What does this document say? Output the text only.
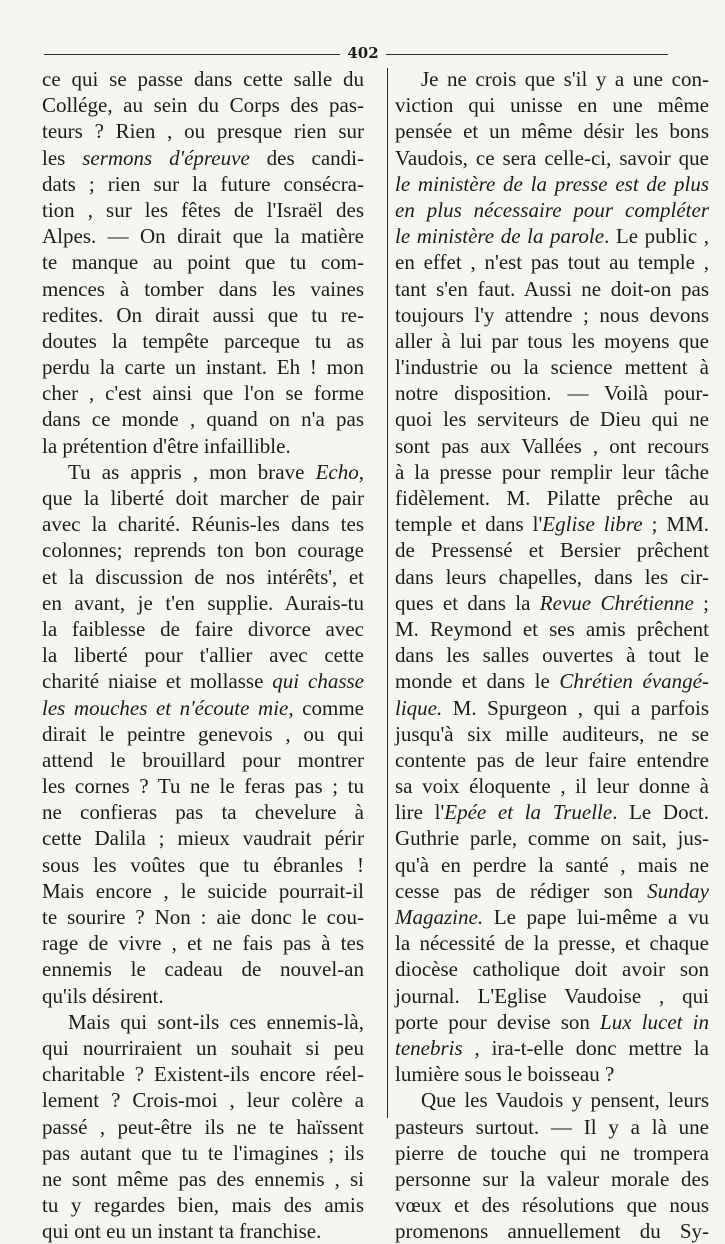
402
ce qui se passe dans cette salle du
Collége, au sein du Corps des pas-
teurs ? Rien , ou presque rien sur
les sermons d'épreuve des candi-
dats ; rien sur la future consécra-
tion , sur les fêtes de l'Israël des
Alpes. — On dirait que la matière
te manque au point que tu com-
mences à tomber dans les vaines
redites. On dirait aussi que tu re-
doutes la tempête parceque tu as
perdu la carte un instant. Eh ! mon
cher , c'est ainsi que l'on se forme
dans ce monde , quand on n'a pas
la prétention d'être infaillible.
Tu as appris , mon brave Echo,
que la liberté doit marcher de pair
avec la charité. Réunis-les dans tes
colonnes; reprends ton bon courage
et la discussion de nos intérêts', et
en avant, je t'en supplie. Aurais-tu
la faiblesse de faire divorce avec
la liberté pour t'allier avec cette
charité niaise et mollasse qui chasse
les mouches et n'écoute mie, comme
dirait le peintre genevois , ou qui
attend le brouillard pour montrer
les cornes ? Tu ne le feras pas ; tu
ne confieras pas ta chevelure à
cette Dalila ; mieux vaudrait périr
sous les voûtes que tu ébranles !
Mais encore , le suicide pourrait-il
te sourire ? Non : aie donc le cou-
rage de vivre , et ne fais pas à tes
ennemis le cadeau de nouvel-an
qu'ils désirent.
Mais qui sont-ils ces ennemis-là,
qui nourriraient un souhait si peu
charitable ? Existent-ils encore réel-
lement ? Crois-moi , leur colère a
passé , peut-être ils ne te haïssent
pas autant que tu te l'imagines ; ils
ne sont même pas des ennemis , si
tu y regardes bien, mais des amis
qui ont eu un instant ta franchise.
Je ne crois que s'il y a une con-
viction qui unisse en une même
pensée et un même désir les bons
Vaudois, ce sera celle-ci, savoir que
le ministère de la presse est de plus
en plus nécessaire pour compléter
le ministère de la parole. Le public ,
en effet , n'est pas tout au temple ,
tant s'en faut. Aussi ne doit-on pas
toujours l'y attendre ; nous devons
aller à lui par tous les moyens que
l'industrie ou la science mettent à
notre disposition. — Voilà pour-
quoi les serviteurs de Dieu qui ne
sont pas aux Vallées , ont recours
à la presse pour remplir leur tâche
fidèlement. M. Pilatte prêche au
temple et dans l'Eglise libre ; MM.
de Pressensé et Bersier prêchent
dans leurs chapelles, dans les cir-
ques et dans la Revue Chrétienne ;
M. Reymond et ses amis prêchent
dans les salles ouvertes à tout le
monde et dans le Chrétien évangé-
lique. M. Spurgeon , qui a parfois
jusqu'à six mille auditeurs, ne se
contente pas de leur faire entendre
sa voix éloquente , il leur donne à
lire l'Epée et la Truelle. Le Doct.
Guthrie parle, comme on sait, jus-
qu'à en perdre la santé , mais ne
cesse pas de rédiger son Sunday
Magazine. Le pape lui-même a vu
la nécessité de la presse, et chaque
diocèse catholique doit avoir son
journal. L'Eglise Vaudoise , qui
porte pour devise son Lux lucet in
tenebris , ira-t-elle donc mettre la
lumière sous le boisseau ?
Que les Vaudois y pensent, leurs
pasteurs surtout. — Il y a là une
pierre de touche qui ne trompera
personne sur la valeur morale des
vœux et des résolutions que nous
promenons annuellement du Sy-
